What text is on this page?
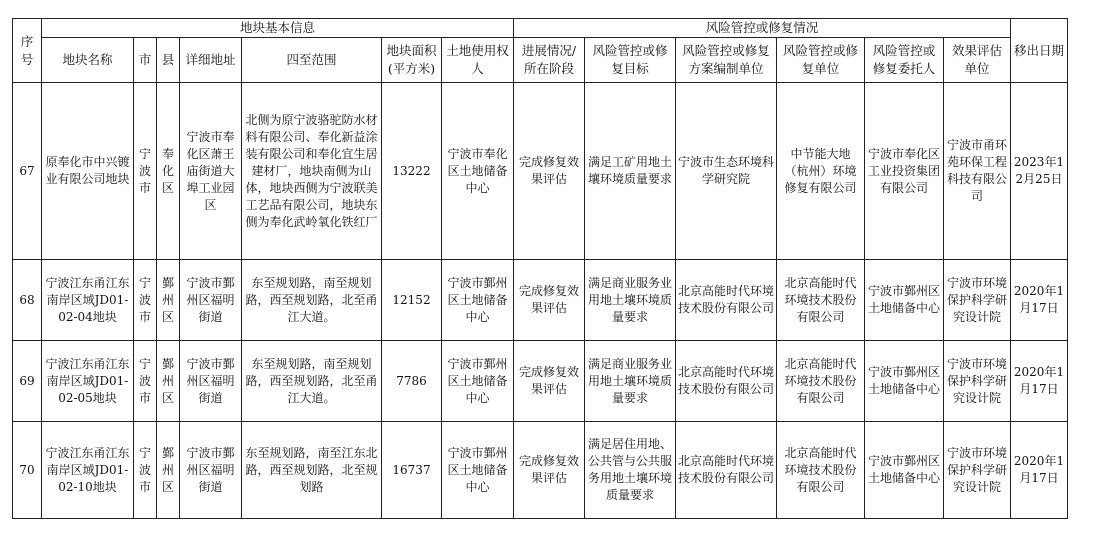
序号	地块基本信息							风险管控或修复情况						移出日期
	地块名称	市	县	详细地址	四至范围	地块面积(平方米)	土地使用权人	进展情况/所在阶段	风险管控或修复目标	风险管控或修复方案编制单位	风险管控或修复单位	风险管控或修复委托人	效果评估单位	
67	原奉化市中兴镀业有限公司地块	宁波市	奉化区	宁波市奉化区萧王庙街道大埠工业园区	北侧为原宁波骆驼防水材料有限公司、奉化新益涂装有限公司和奉化宜生居建材厂，地块南侧为山体，地块西侧为宁波联美工艺品有限公司，地块东侧为奉化武岭氧化铁红厂	13222	宁波市奉化区土地储备中心	完成修复效果评估	满足工矿用地土壤环境质量要求	宁波市生态环境科学研究院	中节能大地（杭州）环境修复有限公司	宁波市奉化区工业投资集团有限公司	宁波市甬环苑环保工程科技有限公司	2023年12月25日
68	宁波江东甬江东南岸区域JD01-02-04地块	宁波市	鄞州区	宁波市鄞州区福明街道	东至规划路，南至规划路，西至规划路，北至甬江大道。	12152	宁波市鄞州区土地储备中心	完成修复效果评估	满足商业服务业用地土壤环境质量要求	北京高能时代环境技术股份有限公司	北京高能时代环境技术股份有限公司	宁波市鄞州区土地储备中心	宁波市环境保护科学研究设计院	2020年1月17日
69	宁波江东甬江东南岸区域JD01-02-05地块	宁波市	鄞州区	宁波市鄞州区福明街道	东至规划路，南至规划路，西至规划路，北至甬江大道。	7786	宁波市鄞州区土地储备中心	完成修复效果评估	满足商业服务业用地土壤环境质量要求	北京高能时代环境技术股份有限公司	北京高能时代环境技术股份有限公司	宁波市鄞州区土地储备中心	宁波市环境保护科学研究设计院	2020年1月17日
70	宁波江东甬江东南岸区域JD01-02-10地块	宁波市	鄞州区	宁波市鄞州区福明街道	东至规划路，南至江东北路，西至规划路，北至规划路	16737	宁波市鄞州区土地储备中心	完成修复效果评估	满足居住用地、公共管与公共服务用地土壤环境质量要求	北京高能时代环境技术股份有限公司	北京高能时代环境技术股份有限公司	宁波市鄞州区土地储备中心	宁波市环境保护科学研究设计院	2020年1月17日
